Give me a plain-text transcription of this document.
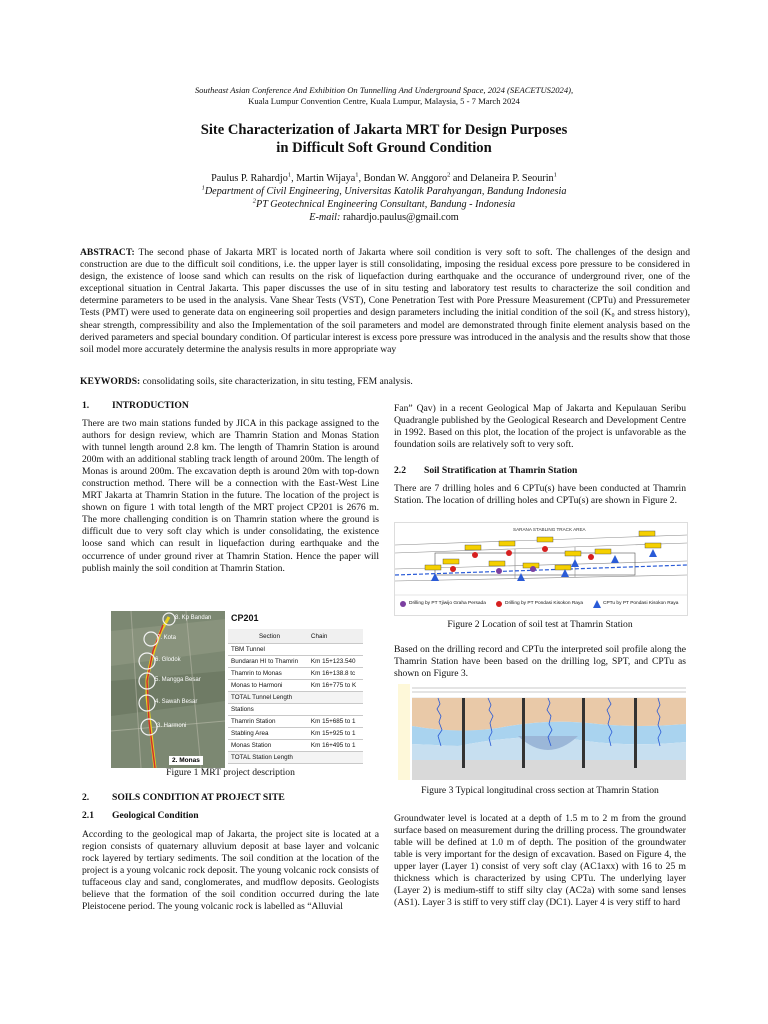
Southeast Asian Conference And Exhibition On Tunnelling And Underground Space, 2024 (SEACETUS2024),
Kuala Lumpur Convention Centre, Kuala Lumpur, Malaysia, 5 - 7 March 2024
Site Characterization of Jakarta MRT for Design Purposes
in Difficult Soft Ground Condition
Paulus P. Rahardjo$^1$, Martin Wijaya$^1$, Bondan W. Anggoro$^2$ and Delaneira P. Seourin$^1$
$^1$Department of Civil Engineering, Universitas Katolik Parahyangan, Bandung Indonesia
$^2$PT Geotechnical Engineering Consultant, Bandung - Indonesia
E-mail: rahardjo.paulus@gmail.com
ABSTRACT: The second phase of Jakarta MRT is located north of Jakarta where soil condition is very soft to soft. The challenges of the design and construction are due to the difficult soil conditions, i.e. the upper layer is still consolidating, imposing the residual excess pore pressure to be considered in design, the existence of loose sand which can results on the risk of liquefaction during earthquake and the occurance of underground river, one of the exceptional situation in Central Jakarta. This paper discusses the use of in situ testing and laboratory test results to characterize the soil condition and determine parameters to be used in the analysis. Vane Shear Tests (VST), Cone Penetration Test with Pore Pressure Measurement (CPTu) and Pressuremeter Tests (PMT) were used to generate data on engineering soil properties and design parameters including the initial condition of the soil (K₀ and stress history), shear strength, compressibility and also the Implementation of the soil parameters and model are demonstrated through finite element analysis based on the derived parameters and special boundary condition. Of particular interest is excess pore pressure was introduced in the analysis and the results show that those soil model more accurately determine the analysis results in more appropriate way
KEYWORDS: consolidating soils, site characterization, in situ testing, FEM analysis.
1. INTRODUCTION
There are two main stations funded by JICA in this package assigned to the authors for design review, which are Thamrin Station and Monas Station with tunnel length around 2.8 km. The length of Thamrin Station is around 200m with an additional stabling track length of around 200m. The length of Monas is around 200m. The excavation depth is around 20m with top-down construction method. There will be a connection with the East-West Line MRT Jakarta at Thamrin Station in the future. The location of the project is shown on figure 1 with total length of the MRT project CP201 is 2676 m. The more challenging condition is on Thamrin station where the ground is difficult due to very soft clay which is under consolidating, the existence loose sand which can result in liquefaction during earthquake and the occurrence of under ground river at Thamrin Station. Hence the paper will publish mainly the soil condition at Thamrin Station.
8. Kp Bandan
7. Kota
6. Glodok
5. Mangga Besar
4. Sawah Besar
3. Harmoni
2. Monas
CP201
Section	Chain
TBM Tunnel	
Bundaran HI to Thamrin	Km 15+123.540
Thamrin to Monas	Km 16+138.8 tc
Monas to Harmoni	Km 16+775 to K
TOTAL Tunnel Length	
Stations	
Thamrin Station	Km 15+685 to 1
Stabling Area	Km 15+925 to 1
Monas Station	Km 16+495 to 1
TOTAL Station Length	
Figure 1 MRT project description
2. SOILS CONDITION AT PROJECT SITE
2.1 Geological Condition
According to the geological map of Jakarta, the project site is located at a region consists of quaternary alluvium deposit at base layer and volcanic rock layered by tertiary sediments. The soil condition at the location of the project is a young volcanic rock deposit. The young volcanic rock consists of tuffaceous clay and sand, conglomerates, and mudflow deposits. Geologists believe that the formation of the soil condition occurred during the late Pleistocene period. The young volcanic rock is labelled as “Alluvial
Fan” Qav) in a recent Geological Map of Jakarta and Kepulauan Seribu Quadrangle published by the Geological Research and Development Centre in 1992. Based on this plot, the location of the project is unfavorable as the foundation soils are relatively soft to very soft.
2.2 Soil Stratification at Thamrin Station
There are 7 drilling holes and 6 CPTu(s) have been conducted at Thamrin Station. The location of drilling holes and CPTu(s) are shown in Figure 2.
SARANA STABLING TRACK AREA
Drilling by PT Tjiwijo Graha Persada	Drilling by PT Pondasi Kisokon Raya	CPTu by PT Pondasi Kisokon Raya
Figure 2 Location of soil test at Thamrin Station
Based on the drilling record and CPTu the interpreted soil profile along the Thamrin Station have been based on the drilling log, SPT, and CPTu as shown on Figure 3.
Figure 3 Typical longitudinal cross section at Thamrin Station
Groundwater level is located at a depth of 1.5 m to 2 m from the ground surface based on measurement during the drilling process. The groundwater table will be defined at 1.0 m of depth. The position of the groundwater table is very important for the design of excavation. Based on Figure 4, the upper layer (Layer 1) consist of very soft clay (AC1axx) with 16 to 25 m thickness which is characterized by using CPTu. The underlying layer (Layer 2) is medium-stiff to stiff silty clay (AC2a) with some sand lenses (AS1). Layer 3 is stiff to very stiff clay (DC1). Layer 4 is very stiff to hard
